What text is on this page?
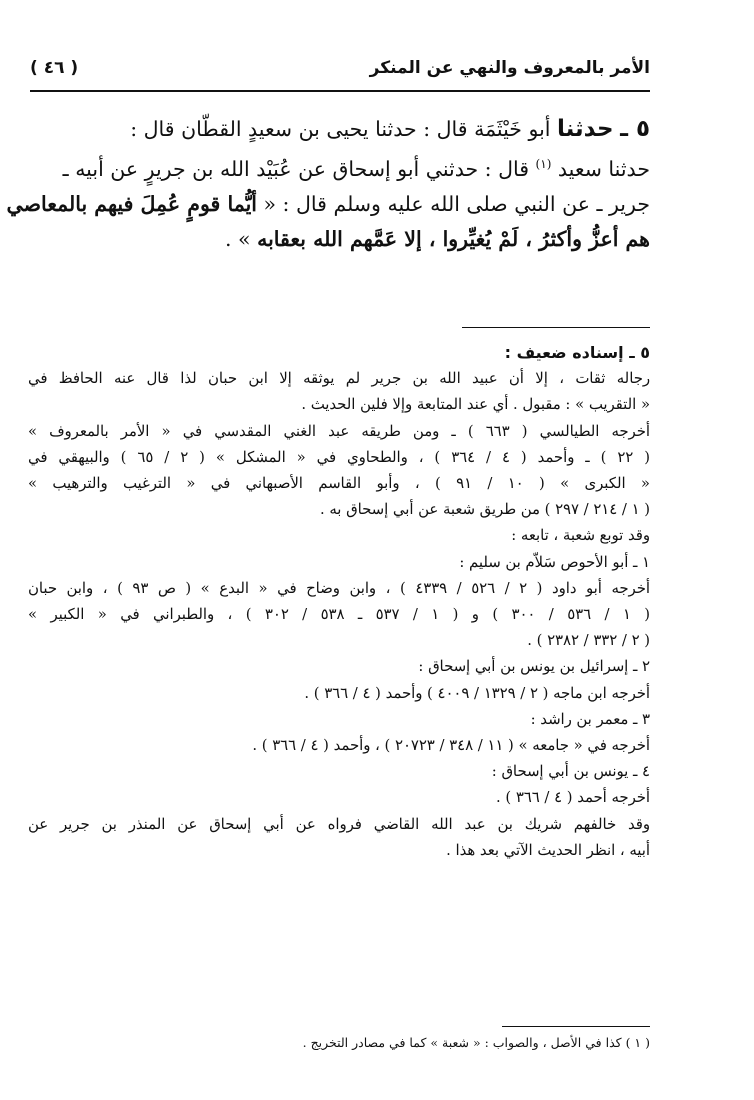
الأمر بالمعروف والنهي عن المنكر
( ٤٦ )
٥ ـ حدثنا أبو خَيْثَمَة قال : حدثنا يحيى بن سعيدٍ القطّان قال :
حدثنا سعيد $^{(١)}$ قال : حدثني أبو إسحاق عن عُبَيْد الله بن جريرٍ عن أبيه ـ
جرير ـ عن النبي صلى الله عليه وسلم قال : « أيُّما قومٍ عُمِلَ فيهم بالمعاصي
هم أعزُّ وأكثرُ ، لَمْ يُغيِّروا ، إلا عَمَّهم الله بعقابه » .
٥ ـ إسناده ضعيف :
رجاله ثقات ، إلا أن عبيد الله بن جرير لم يوثقه إلا ابن حبان لذا قال عنه الحافظ في
« التقريب » : مقبول . أي عند المتابعة وإلا فلين الحديث .
أخرجه الطيالسي ( ٦٦٣ ) ـ ومن طريقه عبد الغني المقدسي في « الأمر بالمعروف »
( ٢٢ ) ـ وأحمد ( ٤ / ٣٦٤ ) ، والطحاوي في « المشكل » ( ٢ / ٦٥ ) والبيهقي في
« الكبرى » ( ١٠ / ٩١ ) ، وأبو القاسم الأصبهاني في « الترغيب والترهيب »
( ١ / ٢١٤ / ٢٩٧ ) من طريق شعبة عن أبي إسحاق به .
وقد توبع شعبة ، تابعه :
١ ـ أبو الأحوص سَلاّم بن سليم :
أخرجه أبو داود ( ٢ / ٥٢٦ / ٤٣٣٩ ) ، وابن وضاح في « البدع » ( ص ٩٣ ) ، وابن حبان
( ١ / ٥٣٦ / ٣٠٠ ) و ( ١ / ٥٣٧ ـ ٥٣٨ / ٣٠٢ ) ، والطبراني في « الكبير »
( ٢ / ٣٣٢ / ٢٣٨٢ ) .
٢ ـ إسرائيل بن يونس بن أبي إسحاق :
أخرجه ابن ماجه ( ٢ / ١٣٢٩ / ٤٠٠٩ ) وأحمد ( ٤ / ٣٦٦ ) .
٣ ـ معمر بن راشد :
أخرجه في « جامعه » ( ١١ / ٣٤٨ / ٢٠٧٢٣ ) ، وأحمد ( ٤ / ٣٦٦ ) .
٤ ـ يونس بن أبي إسحاق :
أخرجه أحمد ( ٤ / ٣٦٦ ) .
وقد خالفهم شريك بن عبد الله القاضي فرواه عن أبي إسحاق عن المنذر بن جرير عن
أبيه ، انظر الحديث الآتي بعد هذا .
( ١ ) كذا في الأصل ، والصواب : « شعبة » كما في مصادر التخريج .
